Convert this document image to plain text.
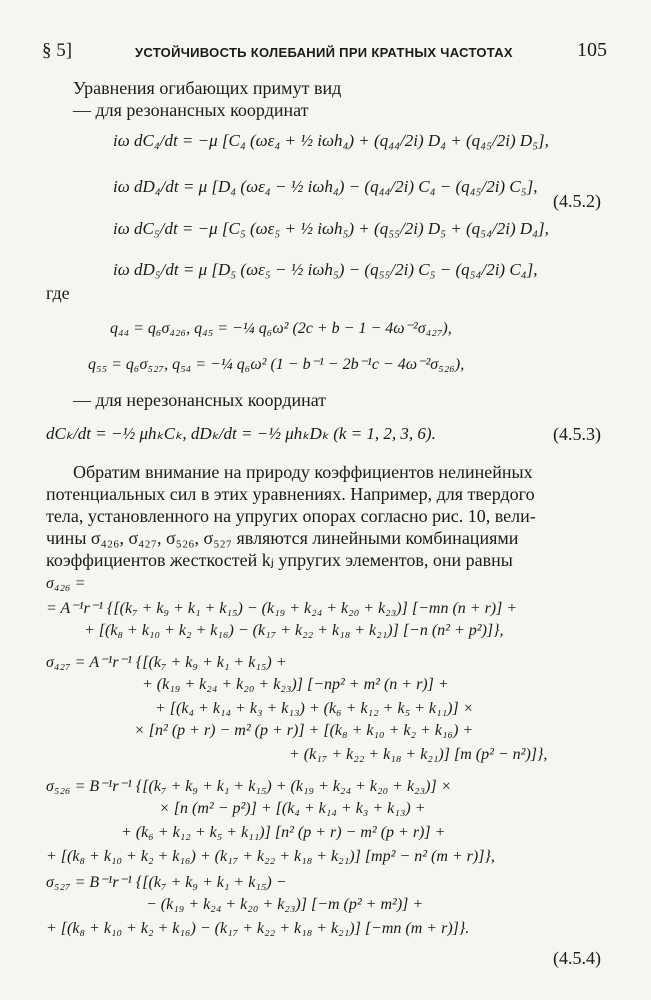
§ 5]	УСТОЙЧИВОСТЬ КОЛЕБАНИЙ ПРИ КРАТНЫХ ЧАСТОТАХ	105
Уравнения огибающих примут вид
— для резонансных координат
iω dC₄/dt = −μ [C₄ (ωε₄ + ½ iωh₄) + (q₄₄/2i) D₄ + (q₄₅/2i) D₅],
iω dD₄/dt = μ [D₄ (ωε₄ − ½ iωh₄) − (q₄₄/2i) C₄ − (q₄₅/2i) C₅],
iω dC₅/dt = −μ [C₅ (ωε₅ + ½ iωh₅) + (q₅₅/2i) D₅ + (q₅₄/2i) D₄],
iω dD₅/dt = μ [D₅ (ωε₅ − ½ iωh₅) − (q₅₅/2i) C₅ − (q₅₄/2i) C₄],
(4.5.2)
где
q₄₄ = q₆σ₄₂₆, q₄₅ = −¼ q₆ω² (2c + b − 1 − 4ω⁻²σ₄₂₇),
q₅₅ = q₆σ₅₂₇, q₅₄ = −¼ q₆ω² (1 − b⁻¹ − 2b⁻¹c − 4ω⁻²σ₅₂₆),
— для нерезонансных координат
dCₖ/dt = −½ μhₖCₖ, dDₖ/dt = −½ μhₖDₖ (k = 1, 2, 3, 6).	(4.5.3)
Обратим внимание на природу коэффициентов нелинейных
потенциальных сил в этих уравнениях. Например, для твердого
тела, установленного на упругих опорах согласно рис. 10, вели-
чины σ₄₂₆, σ₄₂₇, σ₅₂₆, σ₅₂₇ являются линейными комбинациями
коэффициентов жесткостей kⱼ упругих элементов, они равны
σ₄₂₆ =
= A⁻¹r⁻¹ {[(k₇ + k₉ + k₁ + k₁₅) − (k₁₉ + k₂₄ + k₂₀ + k₂₃)] [−mn (n + r)] +
+ [(k₈ + k₁₀ + k₂ + k₁₆) − (k₁₇ + k₂₂ + k₁₈ + k₂₁)] [−n (n² + p²)]},
σ₄₂₇ = A⁻¹r⁻¹ {[(k₇ + k₉ + k₁ + k₁₅) +
+ (k₁₉ + k₂₄ + k₂₀ + k₂₃)] [−np² + m² (n + r)] +
+ [(k₄ + k₁₄ + k₃ + k₁₃) + (k₆ + k₁₂ + k₅ + k₁₁)] ×
× [n² (p + r) − m² (p + r)] + [(k₈ + k₁₀ + k₂ + k₁₆) +
+ (k₁₇ + k₂₂ + k₁₈ + k₂₁)] [m (p² − n²)]},
σ₅₂₆ = B⁻¹r⁻¹ {[(k₇ + k₉ + k₁ + k₁₅) + (k₁₉ + k₂₄ + k₂₀ + k₂₃)] ×
× [n (m² − p²)] + [(k₄ + k₁₄ + k₃ + k₁₃) +
+ (k₆ + k₁₂ + k₅ + k₁₁)] [n² (p + r) − m² (p + r)] +
+ [(k₈ + k₁₀ + k₂ + k₁₆) + (k₁₇ + k₂₂ + k₁₈ + k₂₁)] [mp² − n² (m + r)]},
σ₅₂₇ = B⁻¹r⁻¹ {[(k₇ + k₉ + k₁ + k₁₅) −
− (k₁₉ + k₂₄ + k₂₀ + k₂₃)] [−m (p² + m²)] +
+ [(k₈ + k₁₀ + k₂ + k₁₆) − (k₁₇ + k₂₂ + k₁₈ + k₂₁)] [−mn (m + r)]}.
(4.5.4)
